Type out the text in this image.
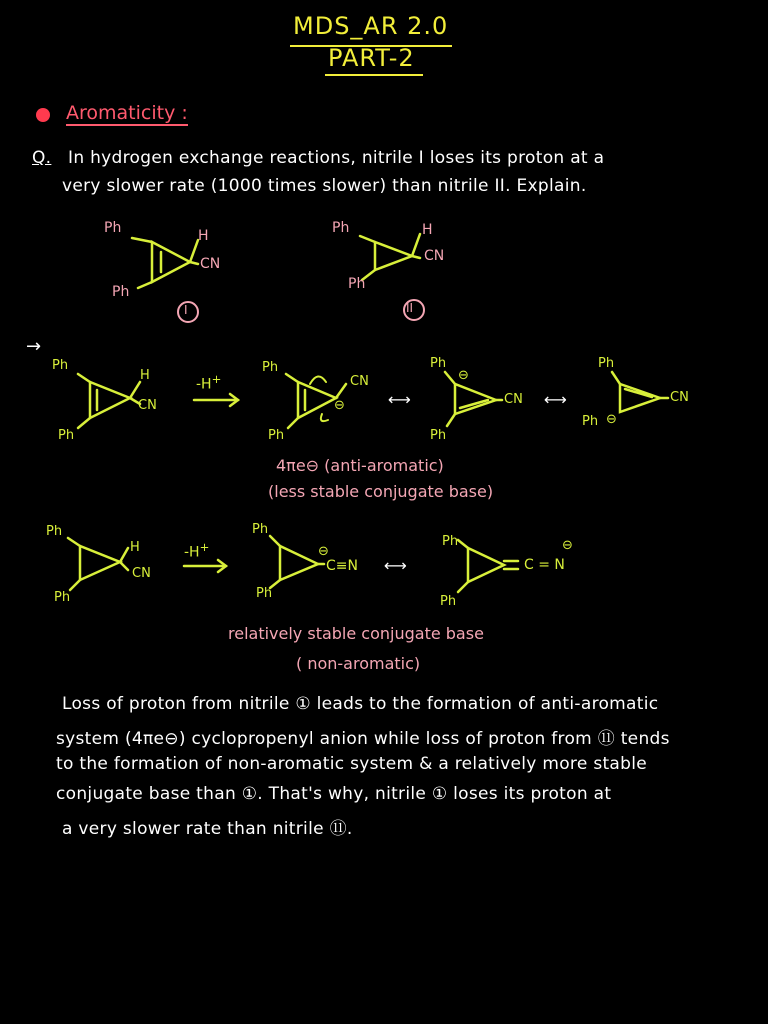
MDS_AR 2.0
PART-2
Aromaticity :
Q. In hydrogen exchange reactions, nitrile I loses its proton at a
very slower rate (1000 times slower) than nitrile II. Explain.
Ph	H
CN
Ph
I
Ph	H
CN
Ph
II
→
Ph
H
CN
Ph
-H+
Ph
CN
⊖
Ph
⟷
Ph
⊖
CN
Ph
⟷
Ph
CN
Ph ⊖
4πe⊖ (anti-aromatic)
(less stable conjugate base)
Ph
H
CN
Ph
-H+
Ph
⊖
C≡N
Ph
⟷
Ph
C = N
⊖
Ph
relatively stable conjugate base
( non-aromatic)
Loss of proton from nitrile ① leads to the formation of anti-aromatic
system (4πe⊖) cyclopropenyl anion while loss of proton from ⑪ tends
to the formation of non-aromatic system & a relatively more stable
conjugate base than ①. That's why, nitrile ① loses its proton at
a very slower rate than nitrile ⑪.
